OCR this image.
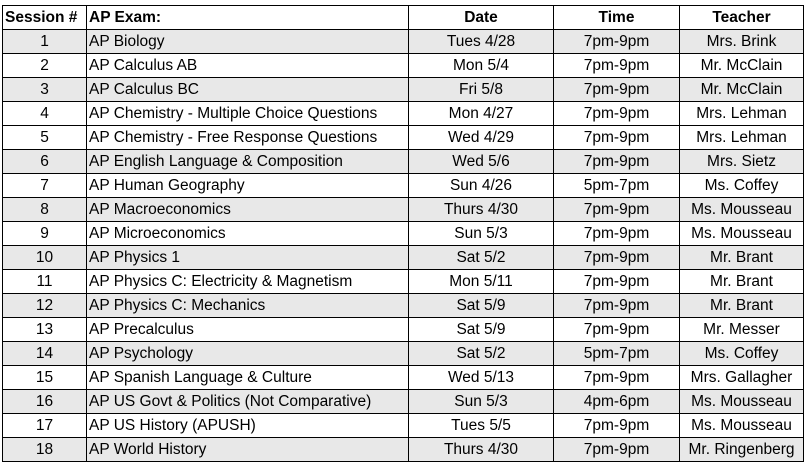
Session #	AP Exam:	Date	Time	Teacher
1	AP Biology	Tues 4/28	7pm-9pm	Mrs. Brink
2	AP Calculus AB	Mon 5/4	7pm-9pm	Mr. McClain
3	AP Calculus BC	Fri 5/8	7pm-9pm	Mr. McClain
4	AP Chemistry - Multiple Choice Questions	Mon 4/27	7pm-9pm	Mrs. Lehman
5	AP Chemistry - Free Response Questions	Wed 4/29	7pm-9pm	Mrs. Lehman
6	AP English Language & Composition	Wed 5/6	7pm-9pm	Mrs. Sietz
7	AP Human Geography	Sun 4/26	5pm-7pm	Ms. Coffey
8	AP Macroeconomics	Thurs 4/30	7pm-9pm	Ms. Mousseau
9	AP Microeconomics	Sun 5/3	7pm-9pm	Ms. Mousseau
10	AP Physics 1	Sat 5/2	7pm-9pm	Mr. Brant
11	AP Physics C: Electricity & Magnetism	Mon 5/11	7pm-9pm	Mr. Brant
12	AP Physics C: Mechanics	Sat 5/9	7pm-9pm	Mr. Brant
13	AP Precalculus	Sat 5/9	7pm-9pm	Mr. Messer
14	AP Psychology	Sat 5/2	5pm-7pm	Ms. Coffey
15	AP Spanish Language & Culture	Wed 5/13	7pm-9pm	Mrs. Gallagher
16	AP US Govt & Politics (Not Comparative)	Sun 5/3	4pm-6pm	Ms. Mousseau
17	AP US History (APUSH)	Tues 5/5	7pm-9pm	Ms. Mousseau
18	AP World History	Thurs 4/30	7pm-9pm	Mr. Ringenberg
